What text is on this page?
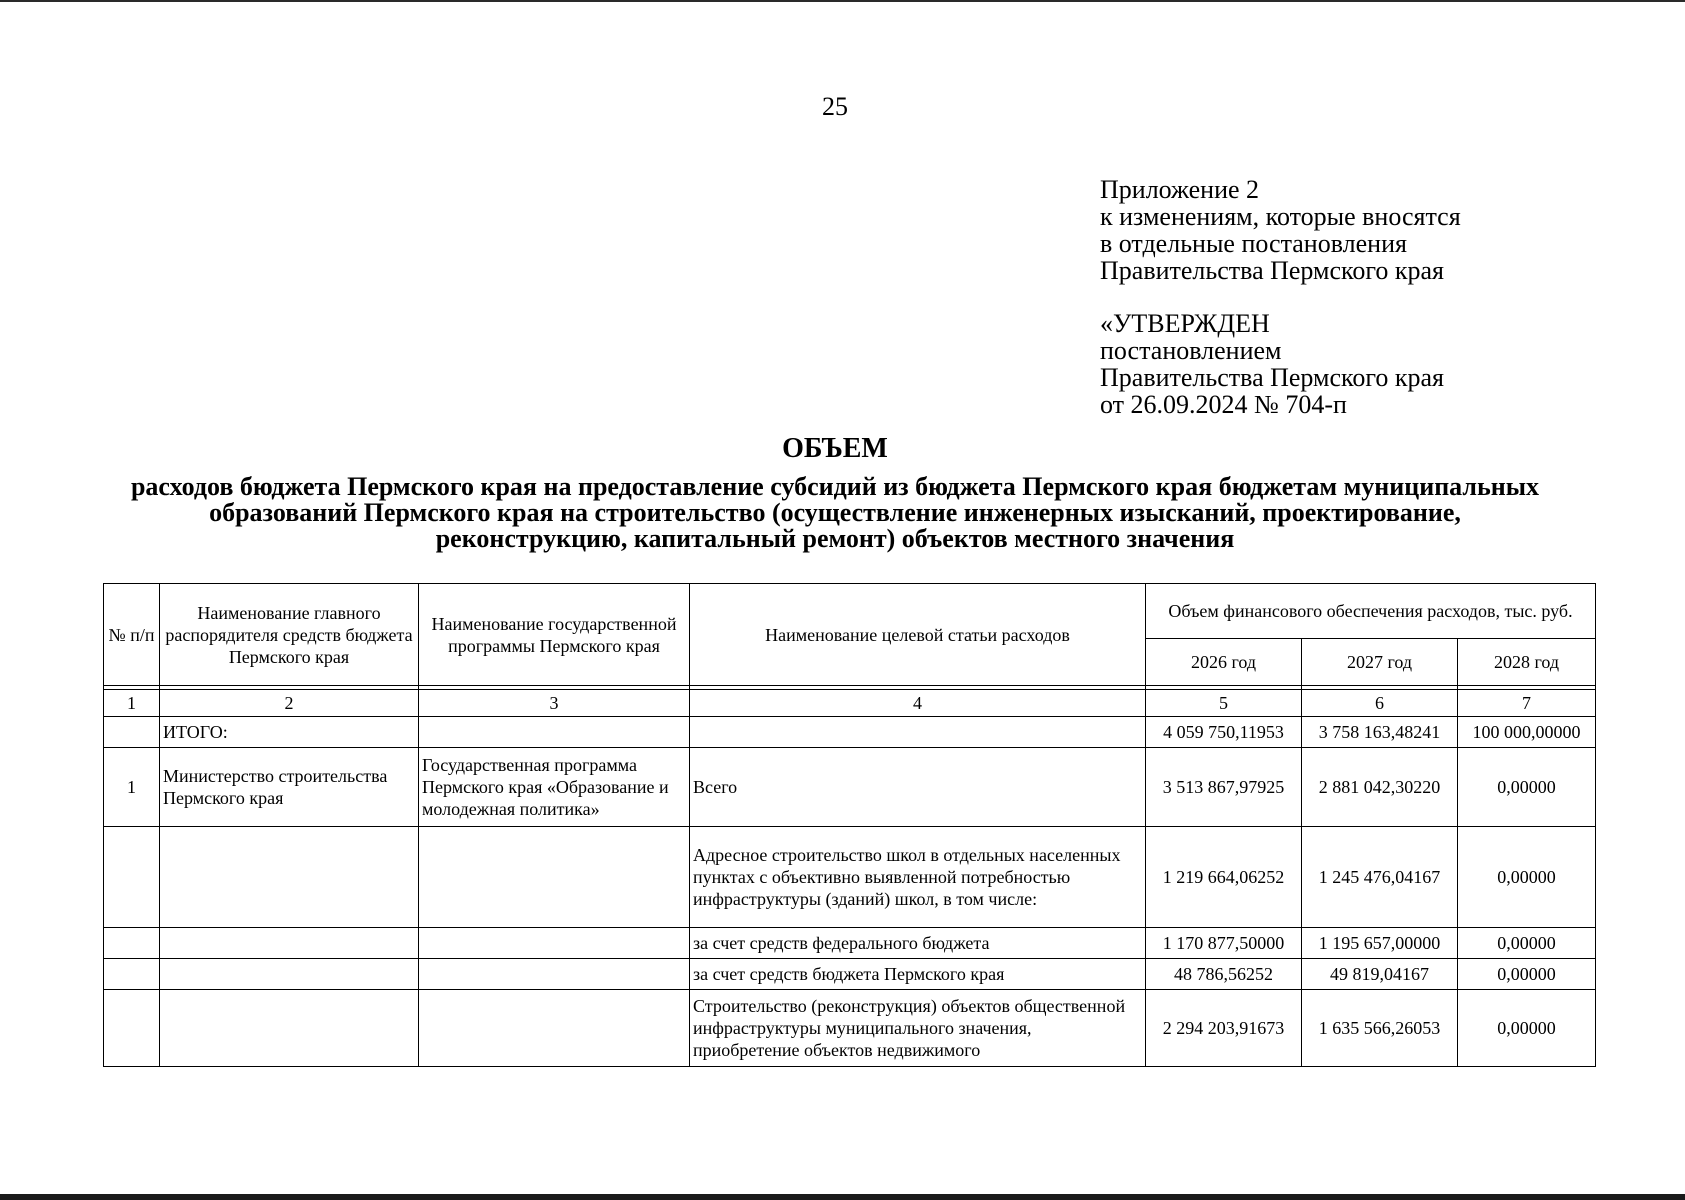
25
Приложение 2
к изменениям, которые вносятся
в отдельные постановления
Правительства Пермского края
«УТВЕРЖДЕН
постановлением
Правительства Пермского края
от 26.09.2024 № 704-п
ОБЪЕМ
расходов бюджета Пермского края на предоставление субсидий из бюджета Пермского края бюджетам муниципальных образований Пермского края на строительство (осуществление инженерных изысканий, проектирование, реконструкцию, капитальный ремонт) объектов местного значения
№ п/п	Наименование главного распорядителя средств бюджета Пермского края	Наименование государственной программы Пермского края	Наименование целевой статьи расходов	Объем финансового обеспечения расходов, тыс. руб.		
				2026 год	2027 год	2028 год

1	2	3	4	5	6	7
	ИТОГО:			4 059 750,11953	3 758 163,48241	100 000,00000
1	Министерство строительства Пермского края	Государственная программа Пермского края «Образование и молодежная политика»	Всего	3 513 867,97925	2 881 042,30220	0,00000
			Адресное строительство школ в отдельных населенных пунктах с объективно выявленной потребностью инфраструктуры (зданий) школ, в том числе:	1 219 664,06252	1 245 476,04167	0,00000
			за счет средств федерального бюджета	1 170 877,50000	1 195 657,00000	0,00000
			за счет средств бюджета Пермского края	48 786,56252	49 819,04167	0,00000
			Строительство (реконструкция) объектов общественной инфраструктуры муниципального значения, приобретение объектов недвижимого	2 294 203,91673	1 635 566,26053	0,00000
